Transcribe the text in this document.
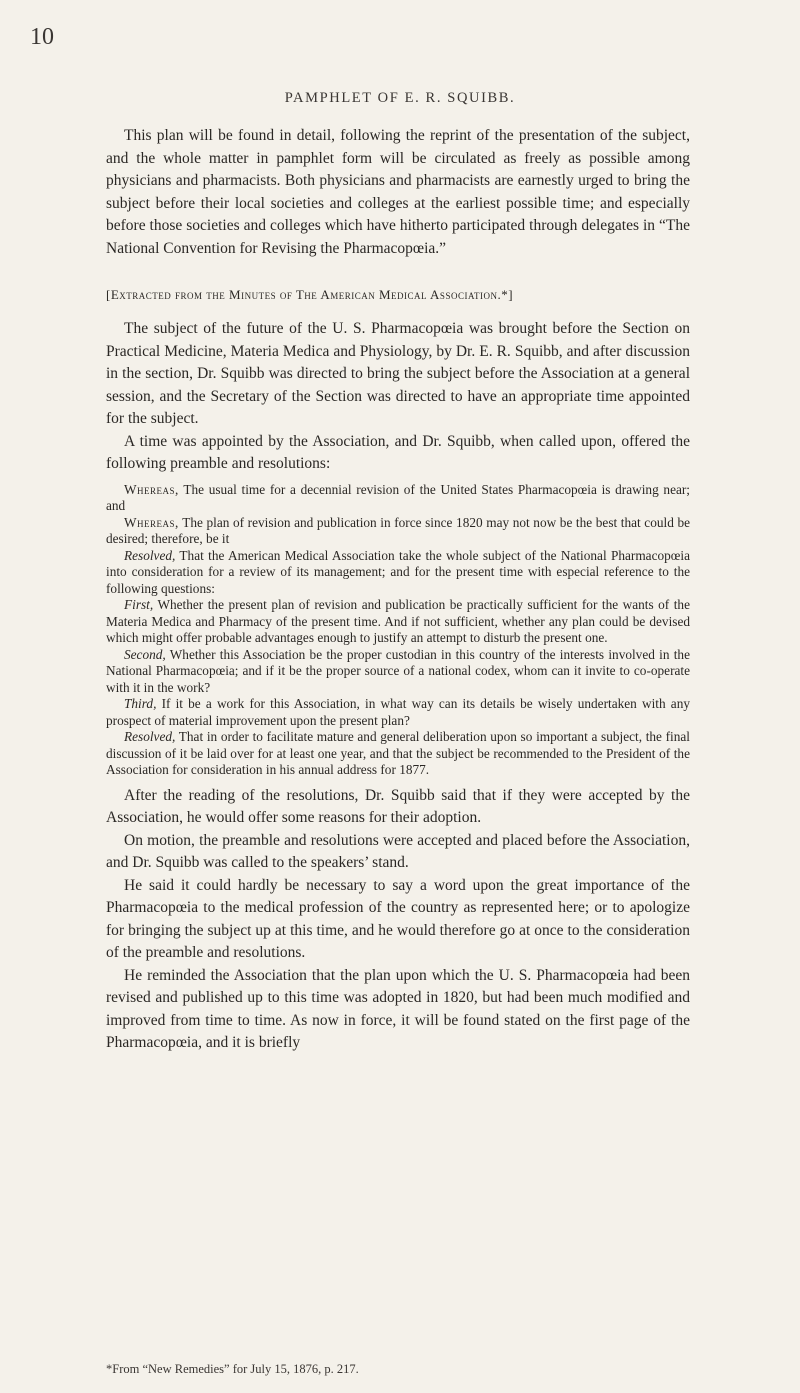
10
PAMPHLET OF E. R. SQUIBB.

This plan will be found in detail, following the reprint of the presentation of the subject, and the whole matter in pamphlet form will be circulated as freely as possible among physicians and pharmacists. Both physicians and pharmacists are earnestly urged to bring the subject before their local societies and colleges at the earliest possible time; and especially before those societies and colleges which have hitherto participated through delegates in “The National Convention for Revising the Pharmacopœia.”

[Extracted from the Minutes of The American Medical Association.*]

The subject of the future of the U. S. Pharmacopœia was brought before the Section on Practical Medicine, Materia Medica and Physiology, by Dr. E. R. Squibb, and after discussion in the section, Dr. Squibb was directed to bring the subject before the Association at a general session, and the Secretary of the Section was directed to have an appropriate time appointed for the subject.

A time was appointed by the Association, and Dr. Squibb, when called upon, offered the following preamble and resolutions:

Whereas, The usual time for a decennial revision of the United States Pharmacopœia is drawing near; and

Whereas, The plan of revision and publication in force since 1820 may not now be the best that could be desired; therefore, be it

Resolved, That the American Medical Association take the whole subject of the National Pharmacopœia into consideration for a review of its management; and for the present time with especial reference to the following questions:

First, Whether the present plan of revision and publication be practically sufficient for the wants of the Materia Medica and Pharmacy of the present time. And if not sufficient, whether any plan could be devised which might offer probable advantages enough to justify an attempt to disturb the present one.

Second, Whether this Association be the proper custodian in this country of the interests involved in the National Pharmacopœia; and if it be the proper source of a national codex, whom can it invite to co-operate with it in the work?

Third, If it be a work for this Association, in what way can its details be wisely undertaken with any prospect of material improvement upon the present plan?

Resolved, That in order to facilitate mature and general deliberation upon so important a subject, the final discussion of it be laid over for at least one year, and that the subject be recommended to the President of the Association for consideration in his annual address for 1877.

After the reading of the resolutions, Dr. Squibb said that if they were accepted by the Association, he would offer some reasons for their adoption.

On motion, the preamble and resolutions were accepted and placed before the Association, and Dr. Squibb was called to the speakers’ stand.

He said it could hardly be necessary to say a word upon the great importance of the Pharmacopœia to the medical profession of the country as represented here; or to apologize for bringing the subject up at this time, and he would therefore go at once to the consideration of the preamble and resolutions.

He reminded the Association that the plan upon which the U. S. Pharmacopœia had been revised and published up to this time was adopted in 1820, but had been much modified and improved from time to time. As now in force, it will be found stated on the first page of the Pharmacopœia, and it is briefly

*From “New Remedies” for July 15, 1876, p. 217.
